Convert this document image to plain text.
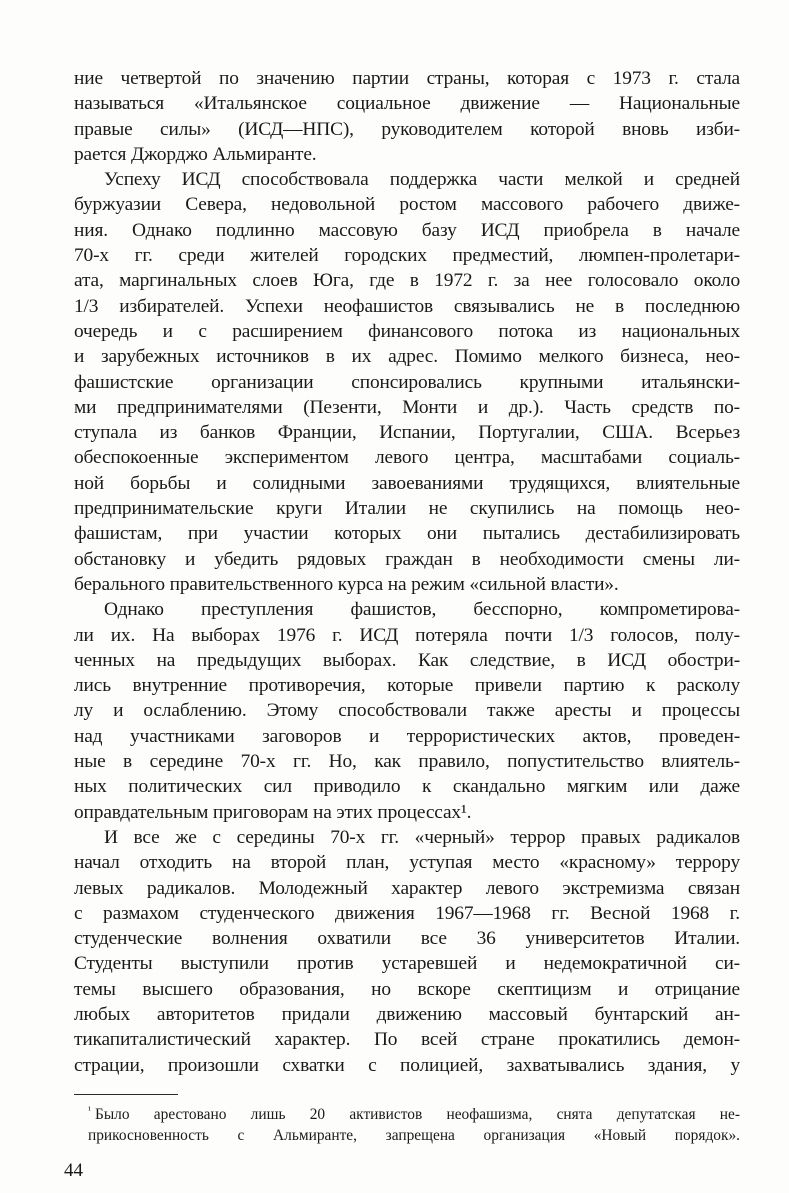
ние четвертой по значению партии страны, которая с 1973 г. стала
называться «Итальянское социальное движение — Национальные
правые силы» (ИСД—НПС), руководителем которой вновь изби-
рается Джорджо Альмиранте.
Успеху ИСД способствовала поддержка части мелкой и средней
буржуазии Севера, недовольной ростом массового рабочего движе-
ния. Однако подлинно массовую базу ИСД приобрела в начале
70-х гг. среди жителей городских предместий, люмпен-пролетари-
ата, маргинальных слоев Юга, где в 1972 г. за нее голосовало около
1/3 избирателей. Успехи неофашистов связывались не в последнюю
очередь и с расширением финансового потока из национальных
и зарубежных источников в их адрес. Помимо мелкого бизнеса, нео-
фашистские организации спонсировались крупными итальянски-
ми предпринимателями (Пезенти, Монти и др.). Часть средств по-
ступала из банков Франции, Испании, Португалии, США. Всерьез
обеспокоенные экспериментом левого центра, масштабами социаль-
ной борьбы и солидными завоеваниями трудящихся, влиятельные
предпринимательские круги Италии не скупились на помощь нео-
фашистам, при участии которых они пытались дестабилизировать
обстановку и убедить рядовых граждан в необходимости смены ли-
берального правительственного курса на режим «сильной власти».
Однако преступления фашистов, бесспорно, компрометирова-
ли их. На выборах 1976 г. ИСД потеряла почти 1/3 голосов, полу-
ченных на предыдущих выборах. Как следствие, в ИСД обостри-
лись внутренние противоречия, которые привели партию к расколу
лу и ослаблению. Этому способствовали также аресты и процессы
над участниками заговоров и террористических актов, проведен-
ные в середине 70-х гг. Но, как правило, попустительство влиятель-
ных политических сил приводило к скандально мягким или даже
оправдательным приговорам на этих процессах¹.
И все же с середины 70-х гг. «черный» террор правых радикалов
начал отходить на второй план, уступая место «красному» террору
левых радикалов. Молодежный характер левого экстремизма связан
с размахом студенческого движения 1967—1968 гг. Весной 1968 г.
студенческие волнения охватили все 36 университетов Италии.
Студенты выступили против устаревшей и недемократичной си-
темы высшего образования, но вскоре скептицизм и отрицание
любых авторитетов придали движению массовый бунтарский ан-
тикапиталистический характер. По всей стране прокатились демон-
страции, произошли схватки с полицией, захватывались здания, у
$^{^1}$ Было арестовано лишь 20 активистов неофашизма, снята депутатская не-
прикосновенность с Альмиранте, запрещена организация «Новый порядок».
44
